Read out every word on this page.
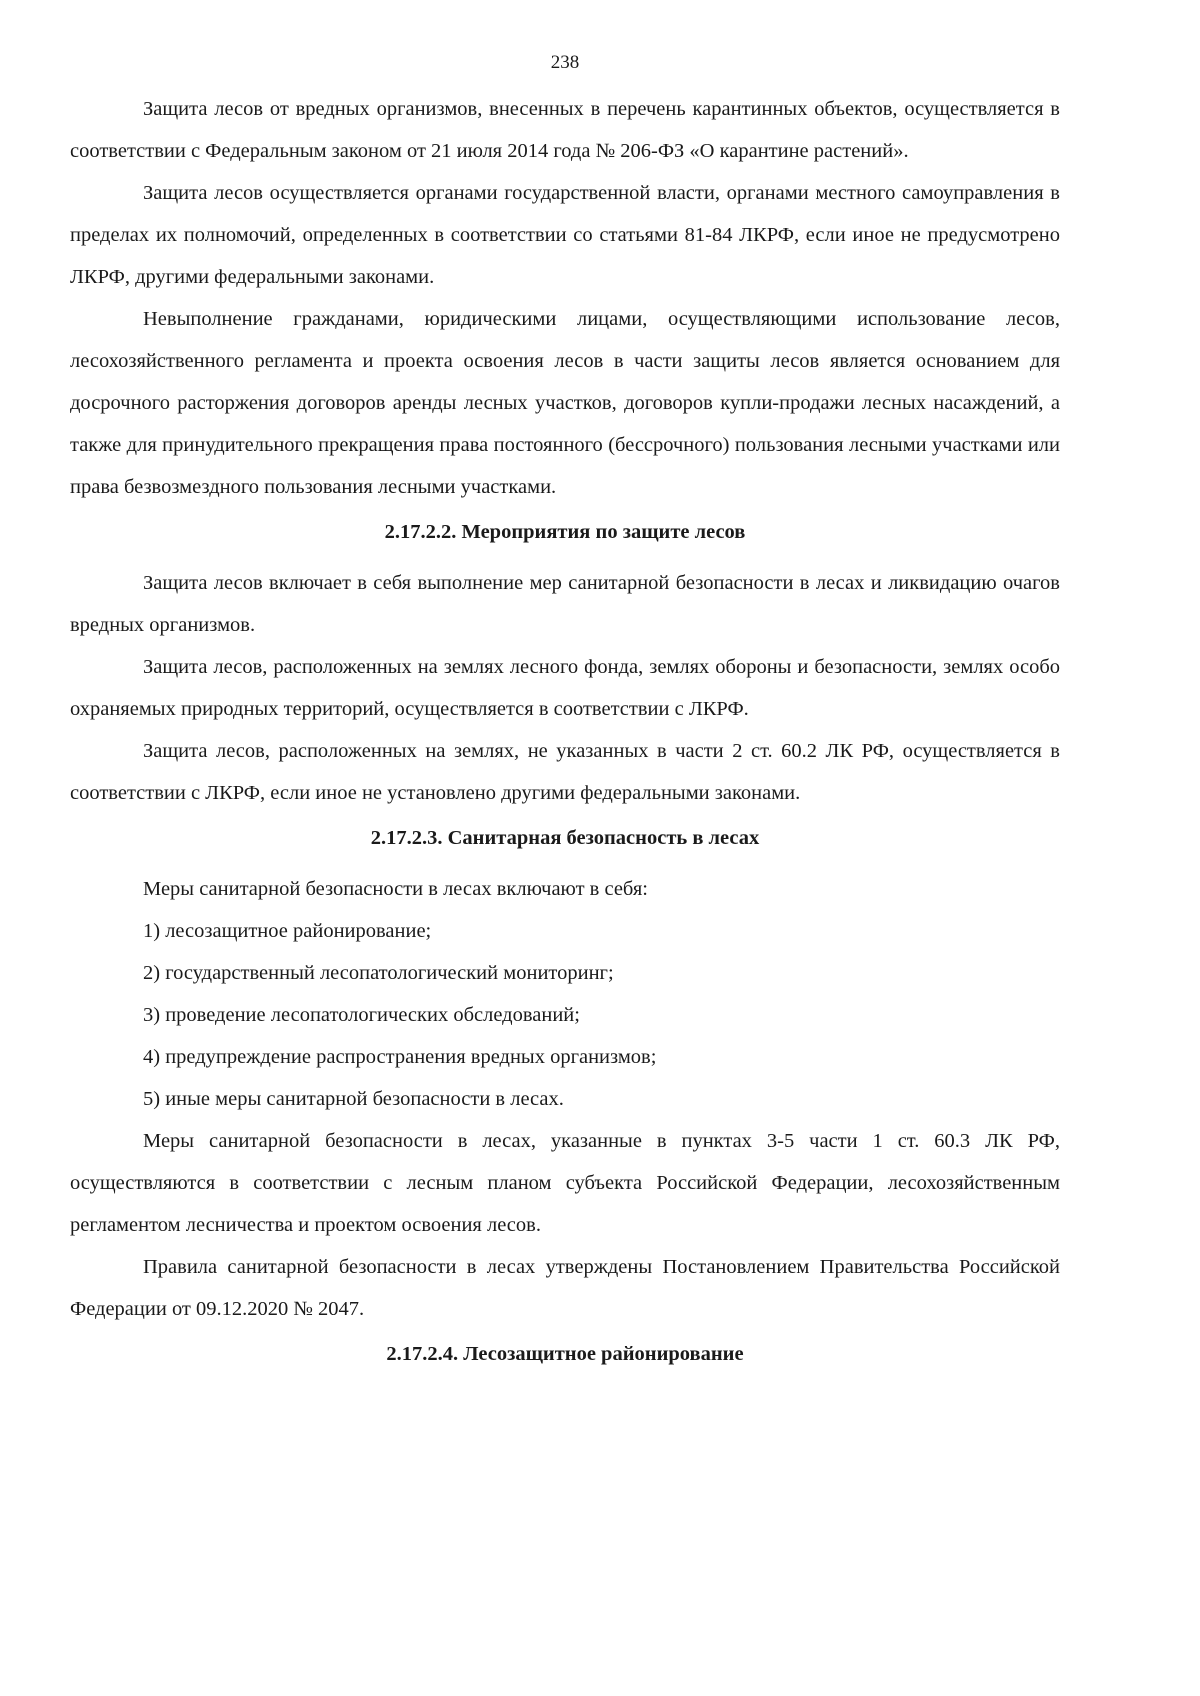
238

Защита лесов от вредных организмов, внесенных в перечень карантинных объектов, осуществляется в соответствии с Федеральным законом от 21 июля 2014 года № 206-ФЗ «О карантине растений».

Защита лесов осуществляется органами государственной власти, органами местного самоуправления в пределах их полномочий, определенных в соответствии со статьями 81-84 ЛКРФ, если иное не предусмотрено ЛКРФ, другими федеральными законами.

Невыполнение гражданами, юридическими лицами, осуществляющими использование лесов, лесохозяйственного регламента и проекта освоения лесов в части защиты лесов является основанием для досрочного расторжения договоров аренды лесных участков, договоров купли-продажи лесных насаждений, а также для принудительного прекращения права постоянного (бессрочного) пользования лесными участками или права безвозмездного пользования лесными участками.

2.17.2.2. Мероприятия по защите лесов

Защита лесов включает в себя выполнение мер санитарной безопасности в лесах и ликвидацию очагов вредных организмов.

Защита лесов, расположенных на землях лесного фонда, землях обороны и безопасности, землях особо охраняемых природных территорий, осуществляется в соответствии с ЛКРФ.

Защита лесов, расположенных на землях, не указанных в части 2 ст. 60.2 ЛК РФ, осуществляется в соответствии с ЛКРФ, если иное не установлено другими федеральными законами.

2.17.2.3. Санитарная безопасность в лесах

Меры санитарной безопасности в лесах включают в себя:

1) лесозащитное районирование;

2) государственный лесопатологический мониторинг;

3) проведение лесопатологических обследований;

4) предупреждение распространения вредных организмов;

5) иные меры санитарной безопасности в лесах.

Меры санитарной безопасности в лесах, указанные в пунктах 3-5 части 1 ст. 60.3 ЛК РФ, осуществляются в соответствии с лесным планом субъекта Российской Федерации, лесохозяйственным регламентом лесничества и проектом освоения лесов.

Правила санитарной безопасности в лесах утверждены Постановлением Правительства Российской Федерации от 09.12.2020 № 2047.

2.17.2.4. Лесозащитное районирование
